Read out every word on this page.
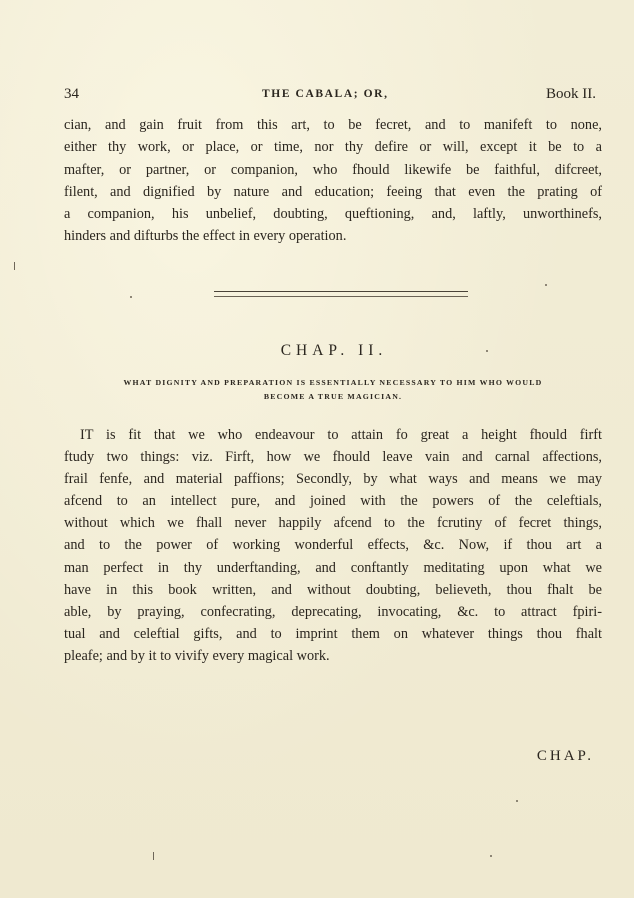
34	THE CABALA; OR,	Book II.

cian, and gain fruit from this art, to be fecret, and to manifeft to none,
either thy work, or place, or time, nor thy defire or will, except it be to a
mafter, or partner, or companion, who fhould likewife be faithful, difcreet,
filent, and dignified by nature and education; feeing that even the prating of
a companion, his unbelief, doubting, queftioning, and, laftly, unworthinefs,
hinders and difturbs the effect in every operation.

CHAP. II.
WHAT DIGNITY AND PREPARATION IS ESSENTIALLY NECESSARY TO HIM WHO WOULD
BECOME A TRUE MAGICIAN.

IT is fit that we who endeavour to attain fo great a height fhould firft
ftudy two things: viz. Firft, how we fhould leave vain and carnal affections,
frail fenfe, and material paffions; Secondly, by what ways and means we may
afcend to an intellect pure, and joined with the powers of the celeftials,
without which we fhall never happily afcend to the fcrutiny of fecret things,
and to the power of working wonderful effects, &c. Now, if thou art a
man perfect in thy underftanding, and conftantly meditating upon what we
have in this book written, and without doubting, believeth, thou fhalt be
able, by praying, confecrating, deprecating, invocating, &c. to attract fpiri-
tual and celeftial gifts, and to imprint them on whatever things thou fhalt
pleafe; and by it to vivify every magical work.

CHAP.
